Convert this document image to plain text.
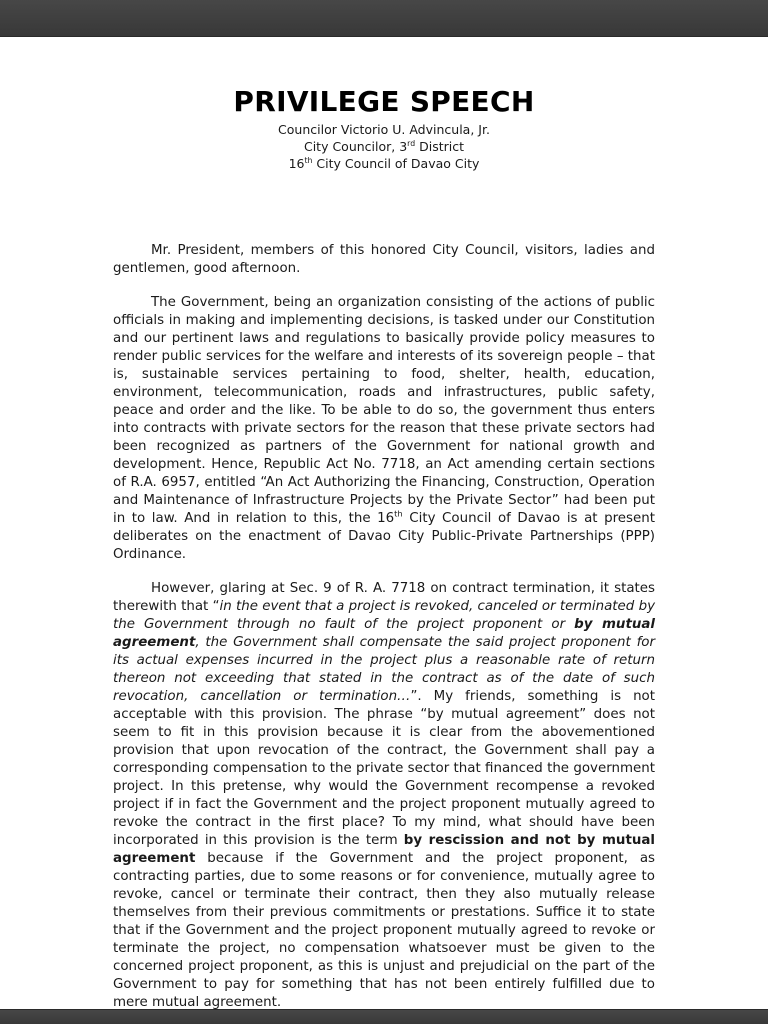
PRIVILEGE SPEECH
Councilor Victorio U. Advincula, Jr.
City Councilor, 3rd District
16th City Council of Davao City

Mr. President, members of this honored City Council, visitors, ladies and gentlemen, good afternoon.

The Government, being an organization consisting of the actions of public officials in making and implementing decisions, is tasked under our Constitution and our pertinent laws and regulations to basically provide policy measures to render public services for the welfare and interests of its sovereign people – that is, sustainable services pertaining to food, shelter, health, education, environment, telecommunication, roads and infrastructures, public safety, peace and order and the like. To be able to do so, the government thus enters into contracts with private sectors for the reason that these private sectors had been recognized as partners of the Government for national growth and development. Hence, Republic Act No. 7718, an Act amending certain sections of R.A. 6957, entitled “An Act Authorizing the Financing, Construction, Operation and Maintenance of Infrastructure Projects by the Private Sector” had been put in to law. And in relation to this, the 16th City Council of Davao is at present deliberates on the enactment of Davao City Public-Private Partnerships (PPP) Ordinance.

However, glaring at Sec. 9 of R. A. 7718 on contract termination, it states therewith that “in the event that a project is revoked, canceled or terminated by the Government through no fault of the project proponent or by mutual agreement, the Government shall compensate the said project proponent for its actual expenses incurred in the project plus a reasonable rate of return thereon not exceeding that stated in the contract as of the date of such revocation, cancellation or termination…”. My friends, something is not acceptable with this provision. The phrase “by mutual agreement” does not seem to fit in this provision because it is clear from the abovementioned provision that upon revocation of the contract, the Government shall pay a corresponding compensation to the private sector that financed the government project. In this pretense, why would the Government recompense a revoked project if in fact the Government and the project proponent mutually agreed to revoke the contract in the first place? To my mind, what should have been incorporated in this provision is the term by rescission and not by mutual agreement because if the Government and the project proponent, as contracting parties, due to some reasons or for convenience, mutually agree to revoke, cancel or terminate their contract, then they also mutually release themselves from their previous commitments or prestations. Suffice it to state that if the Government and the project proponent mutually agreed to revoke or terminate the project, no compensation whatsoever must be given to the concerned project proponent, as this is unjust and prejudicial on the part of the Government to pay for something that has not been entirely fulfilled due to mere mutual agreement.
